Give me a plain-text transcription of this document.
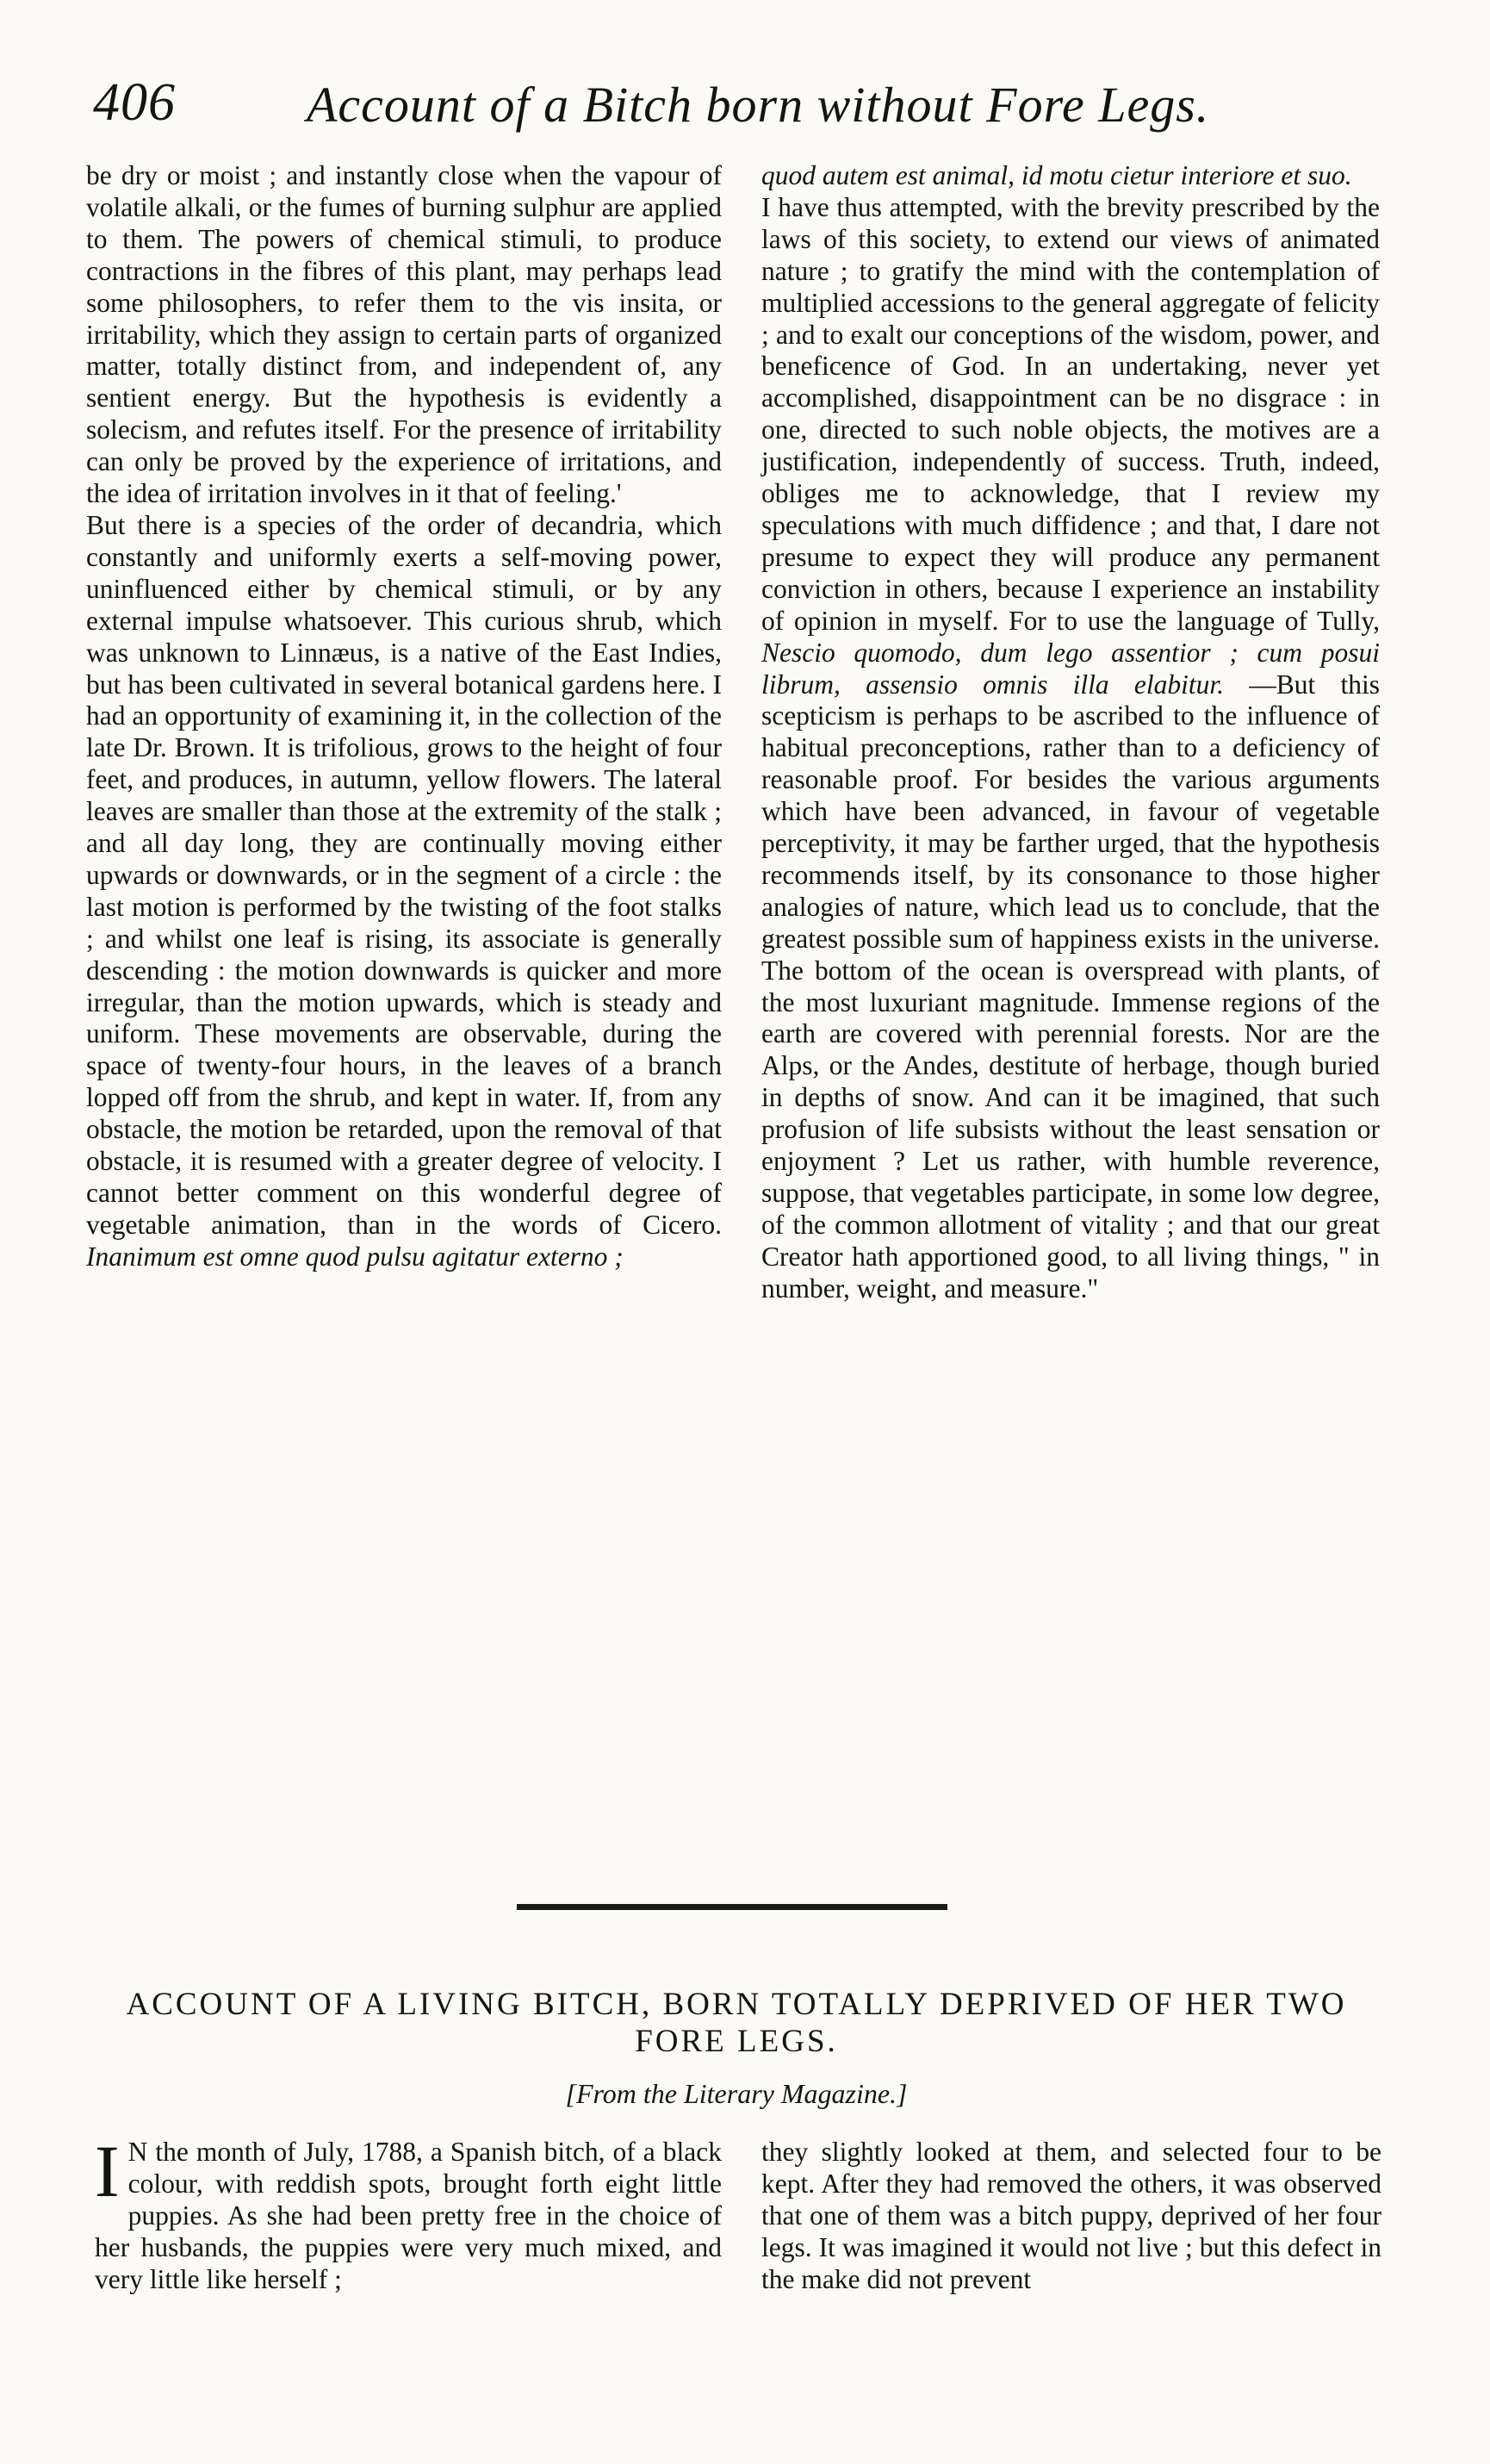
406	Account of a Bitch born without Fore Legs.

be dry or moist ; and instantly close when the vapour of volatile alkali, or the fumes of burning sulphur are applied to them. The powers of chemical stimuli, to produce contractions in the fibres of this plant, may perhaps lead some philosophers, to refer them to the vis insita, or irritability, which they assign to certain parts of organized matter, totally distinct from, and independent of, any sentient energy. But the hypothesis is evidently a solecism, and refutes itself. For the presence of irritability can only be proved by the experience of irritations, and the idea of irritation involves in it that of feeling.'

But there is a species of the order of decandria, which constantly and uniformly exerts a self-moving power, uninfluenced either by chemical stimuli, or by any external impulse whatsoever. This curious shrub, which was unknown to Linnæus, is a native of the East Indies, but has been cultivated in several botanical gardens here. I had an opportunity of examining it, in the collection of the late Dr. Brown. It is trifolious, grows to the height of four feet, and produces, in autumn, yellow flowers. The lateral leaves are smaller than those at the extremity of the stalk ; and all day long, they are continually moving either upwards or downwards, or in the segment of a circle : the last motion is performed by the twisting of the foot stalks ; and whilst one leaf is rising, its associate is generally descending : the motion downwards is quicker and more irregular, than the motion upwards, which is steady and uniform. These movements are observable, during the space of twenty-four hours, in the leaves of a branch lopped off from the shrub, and kept in water. If, from any obstacle, the motion be retarded, upon the removal of that obstacle, it is resumed with a greater degree of velocity. I cannot better comment on this wonderful degree of vegetable animation, than in the words of Cicero. Inanimum est omne quod pulsu agitatur externo ;

quod autem est animal, id motu cietur interiore et suo.

I have thus attempted, with the brevity prescribed by the laws of this society, to extend our views of animated nature ; to gratify the mind with the contemplation of multiplied accessions to the general aggregate of felicity ; and to exalt our conceptions of the wisdom, power, and beneficence of God. In an undertaking, never yet accomplished, disappointment can be no disgrace : in one, directed to such noble objects, the motives are a justification, independently of success. Truth, indeed, obliges me to acknowledge, that I review my speculations with much diffidence ; and that, I dare not presume to expect they will produce any permanent conviction in others, because I experience an instability of opinion in myself. For to use the language of Tully, Nescio quomodo, dum lego assentior ; cum posui librum, assensio omnis illa elabitur. —But this scepticism is perhaps to be ascribed to the influence of habitual preconceptions, rather than to a deficiency of reasonable proof. For besides the various arguments which have been advanced, in favour of vegetable perceptivity, it may be farther urged, that the hypothesis recommends itself, by its consonance to those higher analogies of nature, which lead us to conclude, that the greatest possible sum of happiness exists in the universe. The bottom of the ocean is overspread with plants, of the most luxuriant magnitude. Immense regions of the earth are covered with perennial forests. Nor are the Alps, or the Andes, destitute of herbage, though buried in depths of snow. And can it be imagined, that such profusion of life subsists without the least sensation or enjoyment ? Let us rather, with humble reverence, suppose, that vegetables participate, in some low degree, of the common allotment of vitality ; and that our great Creator hath apportioned good, to all living things, " in number, weight, and measure."

ACCOUNT OF A LIVING BITCH, BORN TOTALLY DEPRIVED OF HER TWO FORE LEGS.
[From the Literary Magazine.]
I N the month of July, 1788, a Spanish bitch, of a black colour, with reddish spots, brought forth eight little puppies. As she had been pretty free in the choice of her husbands, the puppies were very much mixed, and very little like herself ;
they slightly looked at them, and selected four to be kept. After they had removed the others, it was observed that one of them was a bitch puppy, deprived of her four legs. It was imagined it would not live ; but this defect in the make did not prevent
